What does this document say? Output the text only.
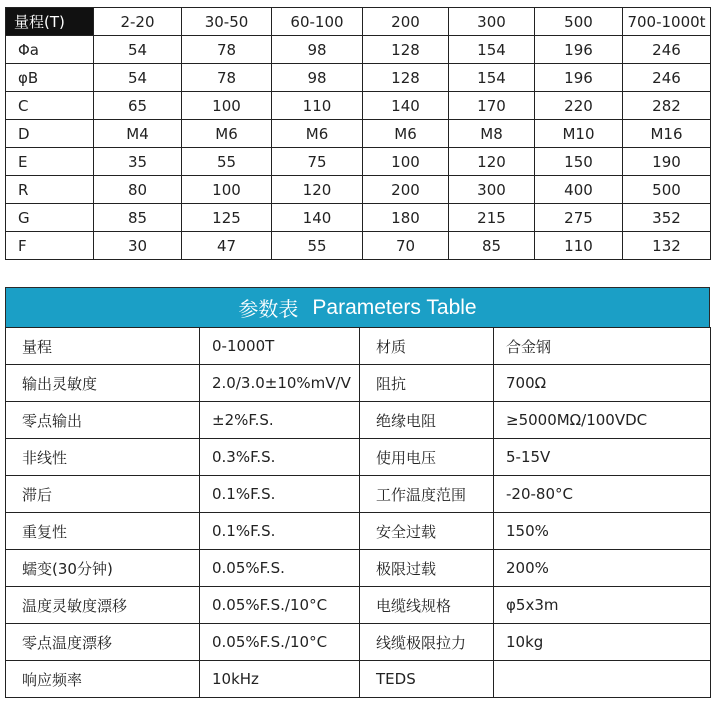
量程(T)	2-20	30-50	60-100	200	300	500	700-1000t
Φa	54	78	98	128	154	196	246
φB	54	78	98	128	154	196	246
C	65	100	110	140	170	220	282
D	M4	M6	M6	M6	M8	M10	M16
E	35	55	75	100	120	150	190
R	80	100	120	200	300	400	500
G	85	125	140	180	215	275	352
F	30	47	55	70	85	110	132
参数表 Parameters Table
量程	0-1000T	材质	合金钢
输出灵敏度	2.0/3.0±10%mV/V	阻抗	700Ω
零点输出	±2%F.S.	绝缘电阻	≥5000MΩ/100VDC
非线性	0.3%F.S.	使用电压	5-15V
滞后	0.1%F.S.	工作温度范围	-20-80°C
重复性	0.1%F.S.	安全过载	150%
蠕变(30分钟)	0.05%F.S.	极限过载	200%
温度灵敏度漂移	0.05%F.S./10°C	电缆线规格	φ5x3m
零点温度漂移	0.05%F.S./10°C	线缆极限拉力	10kg
响应频率	10kHz	TEDS	
